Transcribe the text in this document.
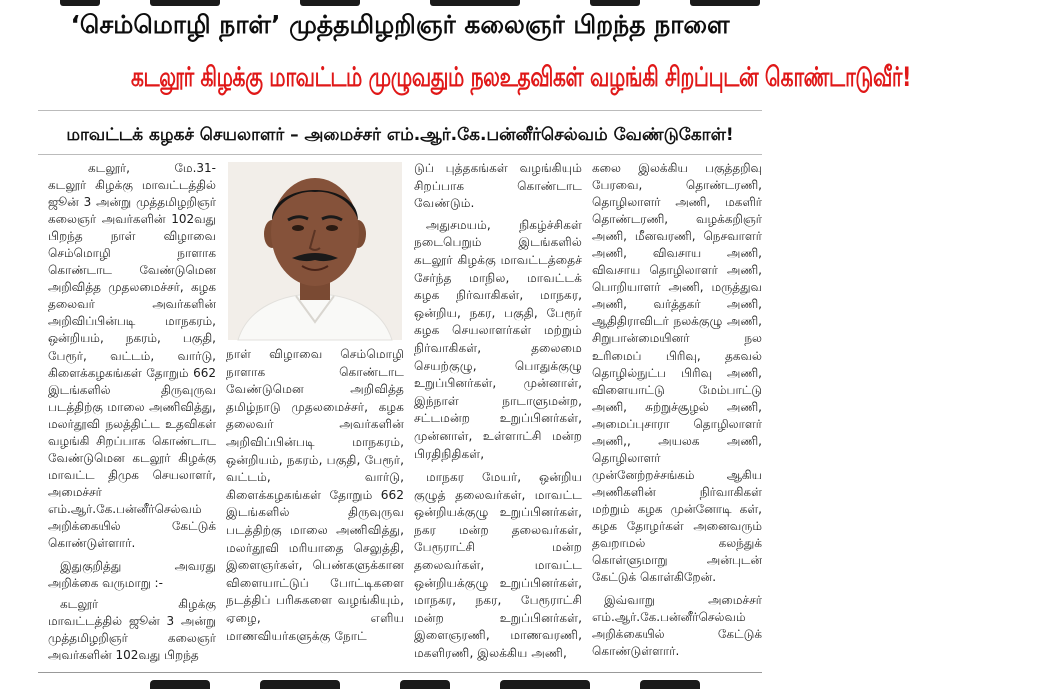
‘செம்மொழி நாள்’ முத்தமிழறிஞர் கலைஞர் பிறந்த நாளை
கடலூர் கிழக்கு மாவட்டம் முழுவதும் நலஉதவிகள் வழங்கி சிறப்புடன் கொண்டாடுவீர்!
மாவட்டக் கழகச் செயலாளர் – அமைச்சர் எம்.ஆர்.கே.பன்னீர்செல்வம் வேண்டுகோள்!

கடலூர், மே.31- கடலூர் கிழக்கு மாவட்டத்தில் ஜூன் 3 அன்று முத்தமிழறிஞர் கலைஞர் அவர்களின் 102வது பிறந்த நாள் விழாவை செம்மொழி நாளாக கொண்டாட வேண்டுமென அறிவித்த முதலமைச்சர், கழக தலைவர் அவர்களின் அறிவிப்பின்படி மாநகரம், ஒன்றியம், நகரம், பகுதி, பேரூர், வட்டம், வார்டு, கிளைக்கழகங்கள் தோறும் 662 இடங்களில் திருவுருவ படத்திற்கு மாலை அணிவித்து, மலர்தூவி நலத்திட்ட உதவிகள் வழங்கி சிறப்பாக கொண்டாட வேண்டுமென கடலூர் கிழக்கு மாவட்ட திமுக செயலாளர், அமைச்சர் எம்.ஆர்.கே.பன்னீர்செல்வம் அறிக்கையில் கேட்டுக் கொண்டுள்ளார்.

இதுகுறித்து அவரது அறிக்கை வருமாறு :-

கடலூர் கிழக்கு மாவட்டத்தில் ஜூன் 3 அன்று முத்தமிழறிஞர் கலைஞர் அவர்களின் 102வது பிறந்த

நாள் விழாவை செம்மொழி நாளாக கொண்டாட வேண்டுமென அறிவித்த தமிழ்நாடு முதலமைச்சர், கழக தலைவர் அவர்களின் அறிவிப்பின்படி மாநகரம், ஒன்றியம், நகரம், பகுதி, பேரூர், வட்டம், வார்டு, கிளைக்கழகங்கள் தோறும் 662 இடங்களில் திருவுருவ படத்திற்கு மாலை அணிவித்து, மலர்தூவி மரியாதை செலுத்தி, இளைஞர்கள், பெண்களுக்கான விளையாட்டுப் போட்டிகளை நடத்திப் பரிசுகளை வழங்கியும், ஏழை, எளிய மாணவியர்களுக்கு நோட்

டுப் புத்தகங்கள் வழங்கியும் சிறப்பாக கொண்டாட வேண்டும்.

அதுசமயம், நிகழ்ச்சிகள் நடைபெறும் இடங்களில் கடலூர் கிழக்கு மாவட்டத்தைச் சேர்ந்த மாநில, மாவட்டக் கழக நிர்வாகிகள், மாநகர, ஒன்றிய, நகர, பகுதி, பேரூர் கழக செயலாளர்கள் மற்றும் நிர்வாகிகள், தலைமை செயற்குழு, பொதுக்குழு உறுப்பினர்கள், முன்னாள், இந்நாள் நாடாளுமன்ற, சட்டமன்ற உறுப்பினர்கள், முன்னாள், உள்ளாட்சி மன்ற பிரதிநிதிகள்,

மாநகர மேயர், ஒன்றிய குழுத் தலைவர்கள், மாவட்ட ஒன்றியக்குழு உறுப்பினர்கள், நகர மன்ற தலைவர்கள், பேரூராட்சி மன்ற தலைவர்கள், மாவட்ட ஒன்றியக்குழு உறுப்பினர்கள், மாநகர, நகர, பேரூராட்சி மன்ற உறுப்பினர்கள், இளைஞரணி, மாணவரணி, மகளிரணி, இலக்கிய அணி,

கலை இலக்கிய பகுத்தறிவு பேரவை, தொண்டரணி, தொழிலாளர் அணி, மகளிர் தொண்டரணி, வழக்கறிஞர் அணி, மீனவரணி, நெசவாளர் அணி, விவசாய அணி, விவசாய தொழிலாளர் அணி, பொறியாளர் அணி, மருத்துவ அணி, வர்த்தகர் அணி, ஆதிதிராவிடர் நலக்குழு அணி, சிறுபான்மையினர் நல உரிமைப் பிரிவு, தகவல் தொழில்நுட்ப பிரிவு அணி, விளையாட்டு மேம்பாட்டு அணி, சுற்றுச்சூழல் அணி, அமைப்புசாரா தொழிலாளர் அணி,, அயலக அணி, தொழிலாளர் முன்னேற்றச்சங்கம் ஆகிய அணிகளின் நிர்வாகிகள் மற்றும் கழக முன்னோடி கள், கழக தோழர்கள் அனைவரும் தவறாமல் கலந்துக் கொள்ளுமாறு அன்புடன் கேட்டுக் கொள்கிறேன்.

இவ்வாறு அமைச்சர் எம்.ஆர்.கே.பன்னீர்செல்வம் அறிக்கையில் கேட்டுக் கொண்டுள்ளார்.
